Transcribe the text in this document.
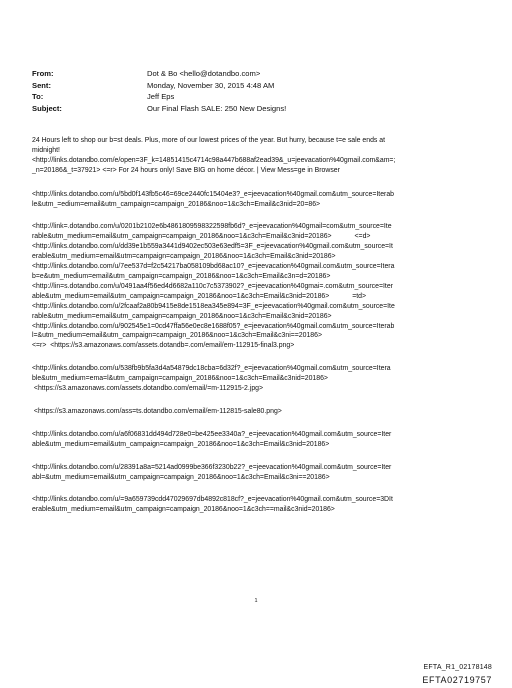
From:	Dot & Bo <hello@dotandbo.com>
Sent:	Monday, November 30, 2015 4:48 AM
To:	Jeff Eps
Subject:	Our Final Flash SALE: 250 New Designs!
24 Hours left to shop our b=st deals. Plus, more of our lowest prices of the year. But hurry, because t=e sale ends at
midnight!
<http://links.dotandbo.com/e/open=3F_k=14851415c4714c98a447b688af2ead39&_u=jeevacation%40gmail.com&am=;
_n=20186&_t=37921> <=r> For 24 hours only! Save BIG on home décor. | View Mess=ge in Browser
<http://links.dotandbo.com/u/5bd0f143fb5c46=69ce2440fc15404e3?_e=jeevacation%40gmail.com&utm_source=Iterab
le&utm_=edium=email&utm_campaign=campaign_20186&noo=1&c3ch=Email&c3nid=20=86>
<http://link=.dotandbo.com/u/0201b2102e6b4861809598322598fb6d?_e=jeevacation%40gmail=com&utm_source=Ite
rable&utm_medium=email&utm_campaign=campaign_20186&noo=1&c3ch=Email&c3nid=20186>            <=d>
<http://links.dotandbo.com/u/dd39e1b559a3441d9402ec503e63edf5=3F_e=jeevacation%40gmail.com&utm_source=It
erable&utm_medium=email&utm=campaign=campaign_20186&noo=1&c3ch=Email&c3nid=20186>
<http://links.dotandbo.com/u/7ee537d=f2c54217ba058109bd68ac10?_e=jeevacation%40gmail.com&utm_source=Itera
b=e&utm_medium=email&utm_campaign=campaign_20186&noo=1&c3ch=Email&c3n=d=20186>
<http://lin=s.dotandbo.com/u/0491aa4f56ed4d6682a110c7c5373902?_e=jeevacation%40gmai=.com&utm_source=Iter
able&utm_medium=email&utm_campaign=campaign_20186&noo=1&c3ch=Email&c3nid=20186>            =td>
<http://links.dotandbo.com/u/2fcaaf2a80b9415e8de1518ea345e894=3F_e=jeevacation%40gmail.com&utm_source=Ite
rable&utm_medium=email&utm_campaign=campaign_20186&noo=1&c3ch=Email&c3nid=20186>
<http://links.dotandbo.com/u/902545e1=0cd47ffa56e0ec8e1688f05?_e=jeevacation%40gmail.com&utm_source=Iterab
l=&utm_medium=email&utm_campaign=campaign_20186&noo=1&c3ch=Email&c3ni==20186>
<=r>  <https://s3.amazonaws.com/assets.dotandb=.com/email/em-112915-final3.png>
<http://links.dotandbo.com/u/538fb9b5fa3d4a54879dc18cba=6d32f?_e=jeevacation%40gmail.com&utm_source=Itera
ble&utm_medium=ema=l&utm_campaign=campaign_20186&noo=1&c3ch=Email&c3nid=20186>
<https://s3.amazonaws.com/assets.dotandbo.com/email/=m-112915-2.jpg>
<https://s3.amazonaws.com/ass=ts.dotandbo.com/email/em-112815-sale80.png>
<http://links.dotandbo.com/u/a6f06831dd494d728e0=be425ee3340a?_e=jeevacation%40gmail.com&utm_source=Iter
able&utm_medium=email&utm_campaign=campaign_20186&noo=1&c3ch=Email&c3nid=20186>
<http://links.dotandbo.com/u/28391a8a=5214ad0999be366f3230b22?_e=jeevacation%40gmail.com&utm_source=Iter
abl=&utm_medium=email&utm_campaign=campaign_20186&noo=1&c3ch=Email&c3ni==20186>
<http://links.dotandbo.com/u/=9a659739cdd47029697db4892c818cf?_e=jeevacation%40gmail.com&utm_source=3DIt
erable&utm_medium=email&utm_campaign=campaign_20186&noo=1&c3ch==mail&c3nid=20186>
1
EFTA_R1_02178148
EFTA02719757
